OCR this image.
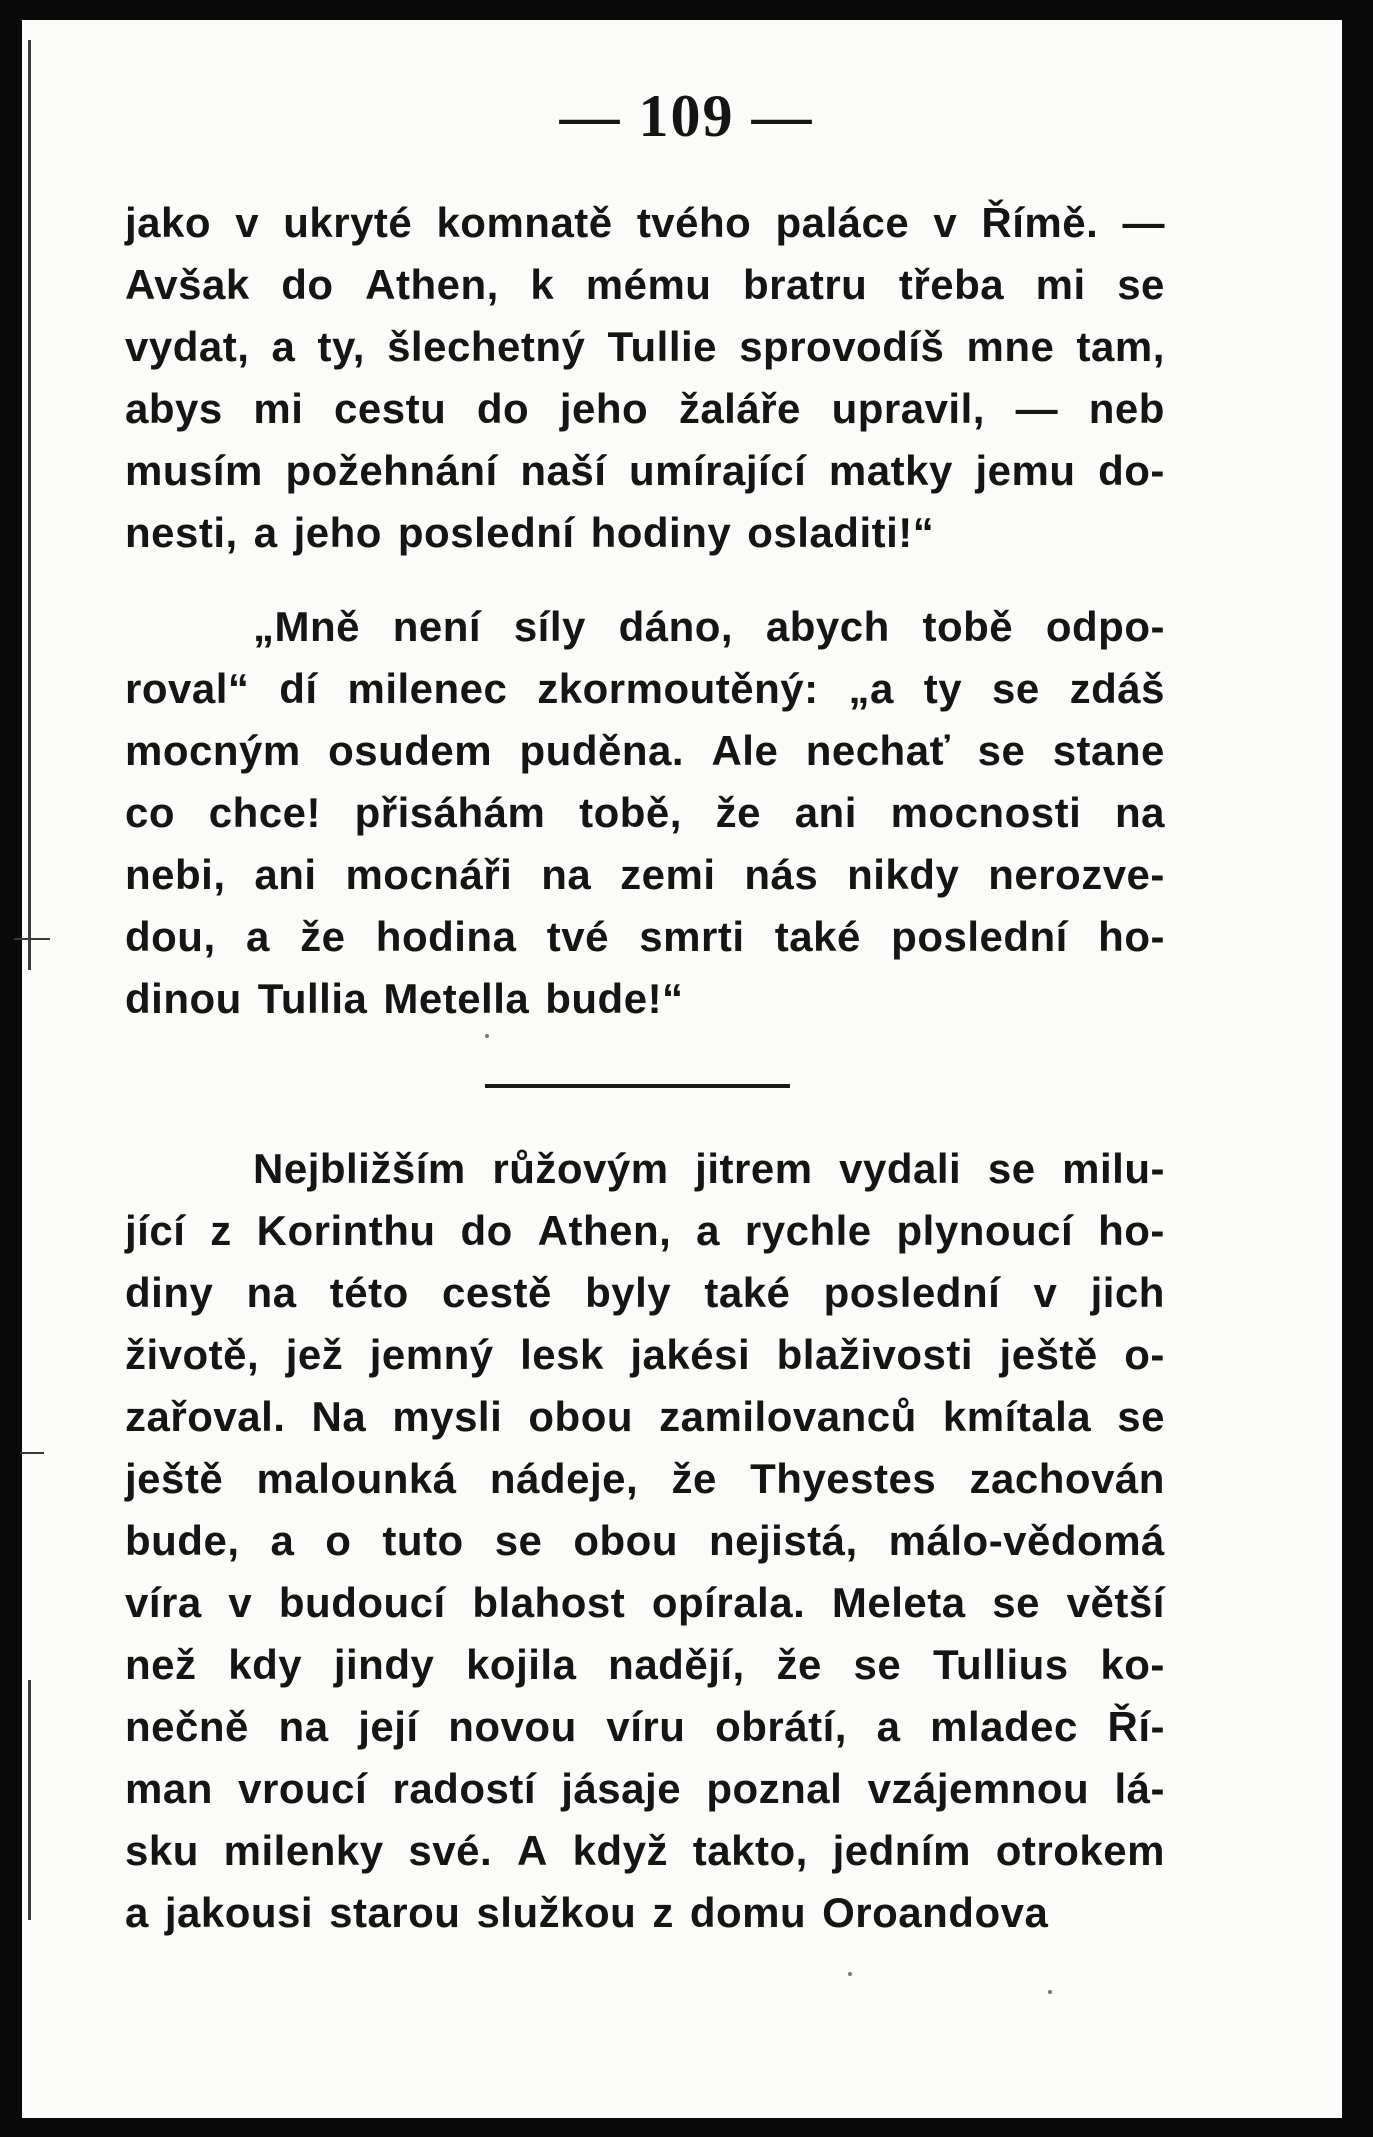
— 109 —
jako v ukryté komnatě tvého paláce v Římě. —
Avšak do Athen, k mému bratru třeba mi se
vydat, a ty, šlechetný Tullie sprovodíš mne tam,
abys mi cestu do jeho žaláře upravil, — neb
musím požehnání naší umírající matky jemu do-
nesti, a jeho poslední hodiny osladiti!“
„Mně není síly dáno, abych tobě odpo-
roval“ dí milenec zkormoutěný: „a ty se zdáš
mocným osudem puděna. Ale nechať se stane
co chce! přisáhám tobě, že ani mocnosti na
nebi, ani mocnáři na zemi nás nikdy nerozve-
dou, a že hodina tvé smrti také poslední ho-
dinou Tullia Metella bude!“
Nejbližším růžovým jitrem vydali se milu-
jící z Korinthu do Athen, a rychle plynoucí ho-
diny na této cestě byly také poslední v jich
životě, jež jemný lesk jakési blaživosti ještě o-
zařoval. Na mysli obou zamilovanců kmítala se
ještě malounká nádeje, že Thyestes zachován
bude, a o tuto se obou nejistá, málo-vědomá
víra v budoucí blahost opírala. Meleta se větší
než kdy jindy kojila nadějí, že se Tullius ko-
nečně na její novou víru obrátí, a mladec Ří-
man vroucí radostí jásaje poznal vzájemnou lá-
sku milenky své. A když takto, jedním otrokem
a jakousi starou služkou z domu Oroandova
